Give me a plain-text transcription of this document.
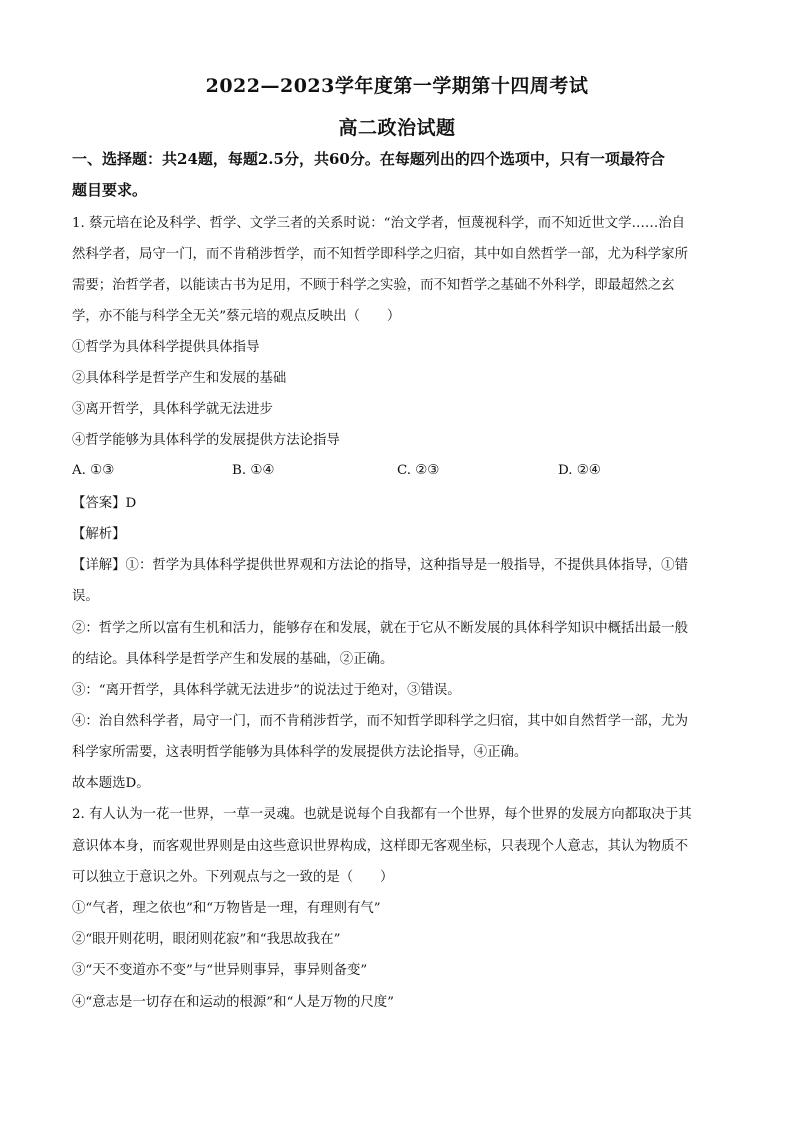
2022—2023学年度第一学期第十四周考试
高二政治试题
一、选择题：共24题，每题2.5分，共60分。在每题列出的四个选项中，只有一项最符合
题目要求。
1. 蔡元培在论及科学、哲学、文学三者的关系时说：“治文学者，恒蔑视科学，而不知近世文学……治自
然科学者，局守一门，而不肯稍涉哲学，而不知哲学即科学之归宿，其中如自然哲学一部，尤为科学家所
需要；治哲学者，以能读古书为足用，不顾于科学之实验，而不知哲学之基础不外科学，即最超然之玄
学，亦不能与科学全无关”蔡元培的观点反映出（　　）
①哲学为具体科学提供具体指导
②具体科学是哲学产生和发展的基础
③离开哲学，具体科学就无法进步
④哲学能够为具体科学的发展提供方法论指导
A. ①③	B. ①④	C. ②③	D. ②④
【答案】D
【解析】
【详解】①：哲学为具体科学提供世界观和方法论的指导，这种指导是一般指导，不提供具体指导，①错
误。
②：哲学之所以富有生机和活力，能够存在和发展，就在于它从不断发展的具体科学知识中概括出最一般
的结论。具体科学是哲学产生和发展的基础，②正确。
③：“离开哲学，具体科学就无法进步”的说法过于绝对，③错误。
④：治自然科学者，局守一门，而不肯稍涉哲学，而不知哲学即科学之归宿，其中如自然哲学一部，尤为
科学家所需要，这表明哲学能够为具体科学的发展提供方法论指导，④正确。
故本题选D。
2. 有人认为一花一世界，一草一灵魂。也就是说每个自我都有一个世界，每个世界的发展方向都取决于其
意识体本身，而客观世界则是由这些意识世界构成，这样即无客观坐标，只表现个人意志，其认为物质不
可以独立于意识之外。下列观点与之一致的是（　　）
①“气者，理之依也”和“万物皆是一理，有理则有气”
②“眼开则花明，眼闭则花寂”和“我思故我在”
③“天不变道亦不变”与“世异则事异，事异则备变”
④“意志是一切存在和运动的根源”和“人是万物的尺度”
